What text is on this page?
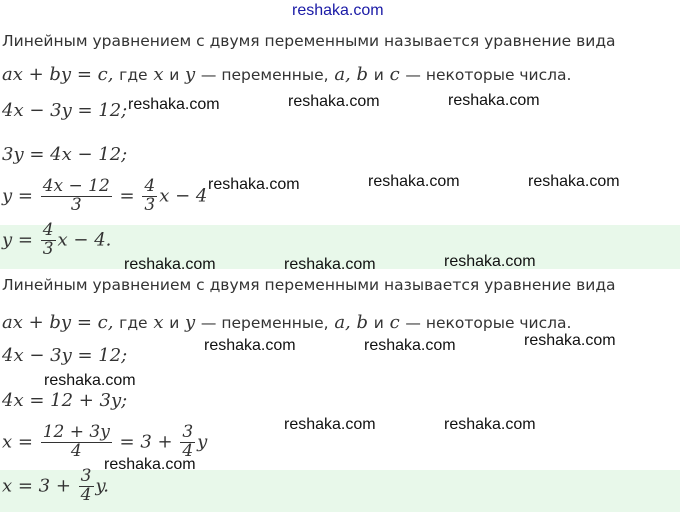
reshaka.com
Линейным уравнением с двумя переменными называется уравнение вида
ax + by = c, где x и y — переменные, a, b и c — некоторые числа.
4x − 3y = 12;
3y = 4x − 12;
$y = \frac{4x - 12}{3} = \frac{4}{3}$ x − 4
$y = \frac{4}{3}$ x − 4.
Линейным уравнением с двумя переменными называется уравнение вида
ax + by = c, где x и y — переменные, a, b и c — некоторые числа.
4x − 3y = 12;
4x = 12 + 3y;
$x = \frac{12 + 3y}{4} = 3 + \frac{3}{4}$ y
$x = 3 + \frac{3}{4} y$.
reshaka.com	reshaka.com	reshaka.com
reshaka.com	reshaka.com	reshaka.com
reshaka.com	reshaka.com	reshaka.com
reshaka.com	reshaka.com	reshaka.com
reshaka.com
reshaka.com	reshaka.com
reshaka.com
